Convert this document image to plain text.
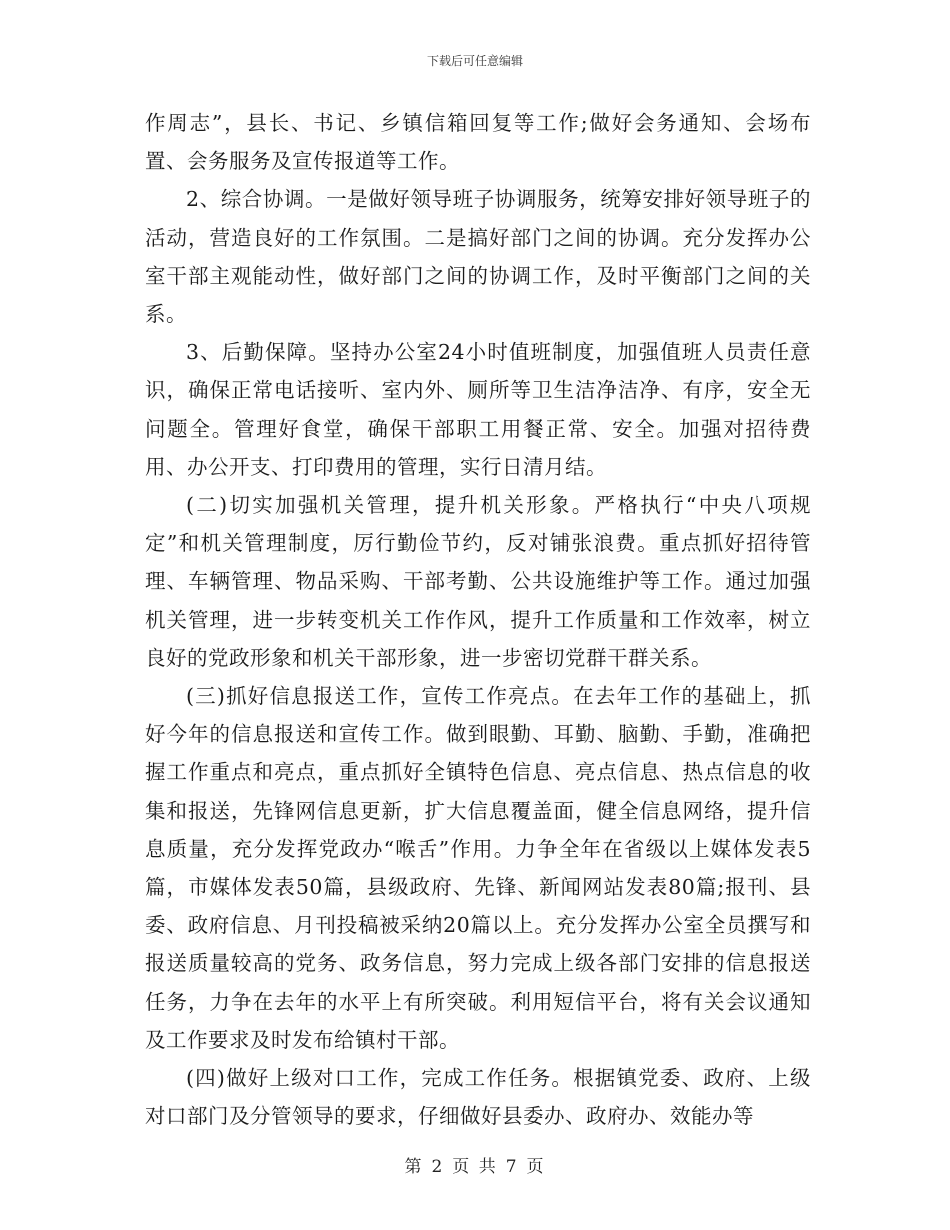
下载后可任意编辑

作周志”，县长、书记、乡镇信箱回复等工作;做好会务通知、会场布置、会务服务及宣传报道等工作。

2、综合协调。一是做好领导班子协调服务，统筹安排好领导班子的活动，营造良好的工作氛围。二是搞好部门之间的协调。充分发挥办公室干部主观能动性，做好部门之间的协调工作，及时平衡部门之间的关系。

3、后勤保障。坚持办公室24小时值班制度，加强值班人员责任意识，确保正常电话接听、室内外、厕所等卫生洁净洁净、有序，安全无问题全。管理好食堂，确保干部职工用餐正常、安全。加强对招待费用、办公开支、打印费用的管理，实行日清月结。

(二)切实加强机关管理，提升机关形象。严格执行“中央八项规定”和机关管理制度，厉行勤俭节约，反对铺张浪费。重点抓好招待管理、车辆管理、物品采购、干部考勤、公共设施维护等工作。通过加强机关管理，进一步转变机关工作作风，提升工作质量和工作效率，树立良好的党政形象和机关干部形象，进一步密切党群干群关系。

(三)抓好信息报送工作，宣传工作亮点。在去年工作的基础上，抓好今年的信息报送和宣传工作。做到眼勤、耳勤、脑勤、手勤，准确把握工作重点和亮点，重点抓好全镇特色信息、亮点信息、热点信息的收集和报送，先锋网信息更新，扩大信息覆盖面，健全信息网络，提升信息质量，充分发挥党政办“喉舌”作用。力争全年在省级以上媒体发表5篇，市媒体发表50篇，县级政府、先锋、新闻网站发表80篇;报刊、县委、政府信息、月刊投稿被采纳20篇以上。充分发挥办公室全员撰写和报送质量较高的党务、政务信息，努力完成上级各部门安排的信息报送任务，力争在去年的水平上有所突破。利用短信平台，将有关会议通知及工作要求及时发布给镇村干部。

(四)做好上级对口工作，完成工作任务。根据镇党委、政府、上级对口部门及分管领导的要求，仔细做好县委办、政府办、效能办等

第 2 页 共 7 页
